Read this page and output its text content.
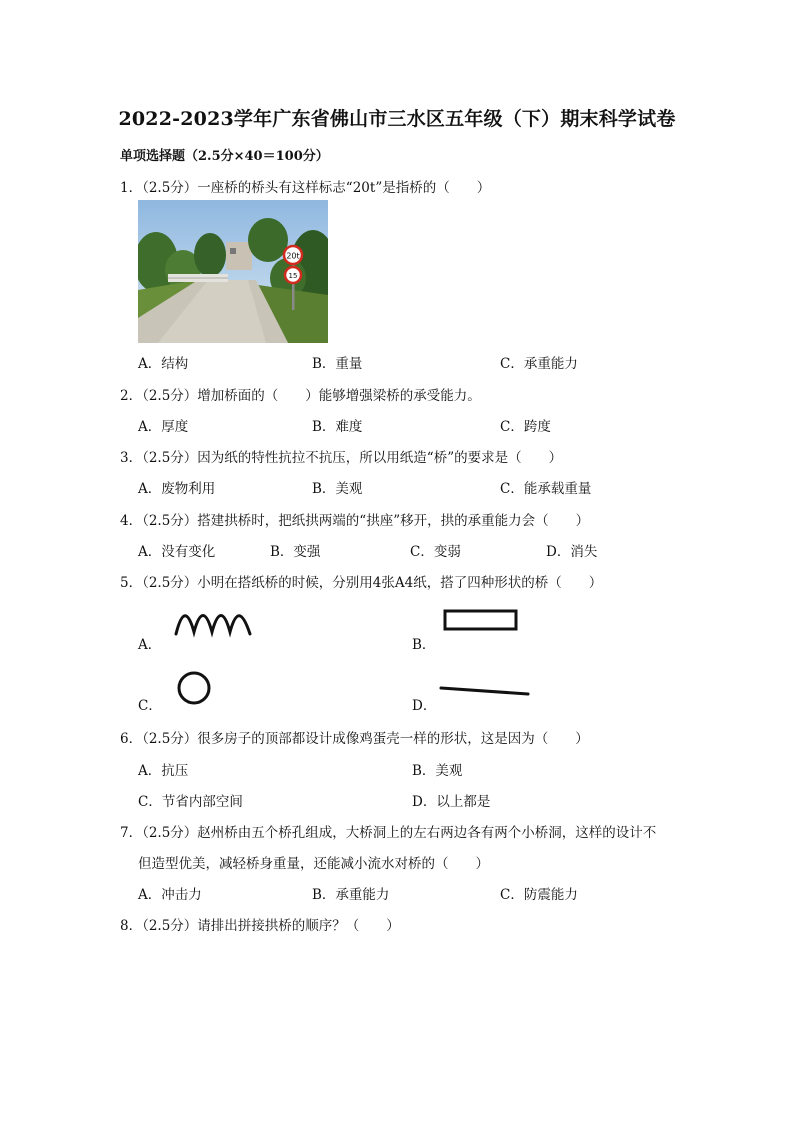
2022-2023学年广东省佛山市三水区五年级（下）期末科学试卷
单项选择题（2.5分×40＝100分）
1．（2.5分）一座桥的桥头有这样标志“20t”是指桥的（　　）
20t
15
A．结构	B．重量	C．承重能力
2．（2.5分）增加桥面的（　　）能够增强梁桥的承受能力。
A．厚度	B．难度	C．跨度
3．（2.5分）因为纸的特性抗拉不抗压，所以用纸造“桥”的要求是（　　）
A．废物利用	B．美观	C．能承载重量
4．（2.5分）搭建拱桥时，把纸拱两端的“拱座”移开，拱的承重能力会（　　）
A．没有变化	B．变强	C．变弱	D．消失
5．（2.5分）小明在搭纸桥的时候，分别用4张A4纸，搭了四种形状的桥（　　）
A．	B．
C．	D．
6．（2.5分）很多房子的顶部都设计成像鸡蛋壳一样的形状，这是因为（　　）
A．抗压	B．美观
C．节省内部空间	D．以上都是
7．（2.5分）赵州桥由五个桥孔组成，大桥洞上的左右两边各有两个小桥洞，这样的设计不
但造型优美，减轻桥身重量，还能减小流水对桥的（　　）
A．冲击力	B．承重能力	C．防震能力
8．（2.5分）请排出拼接拱桥的顺序？（　　）
